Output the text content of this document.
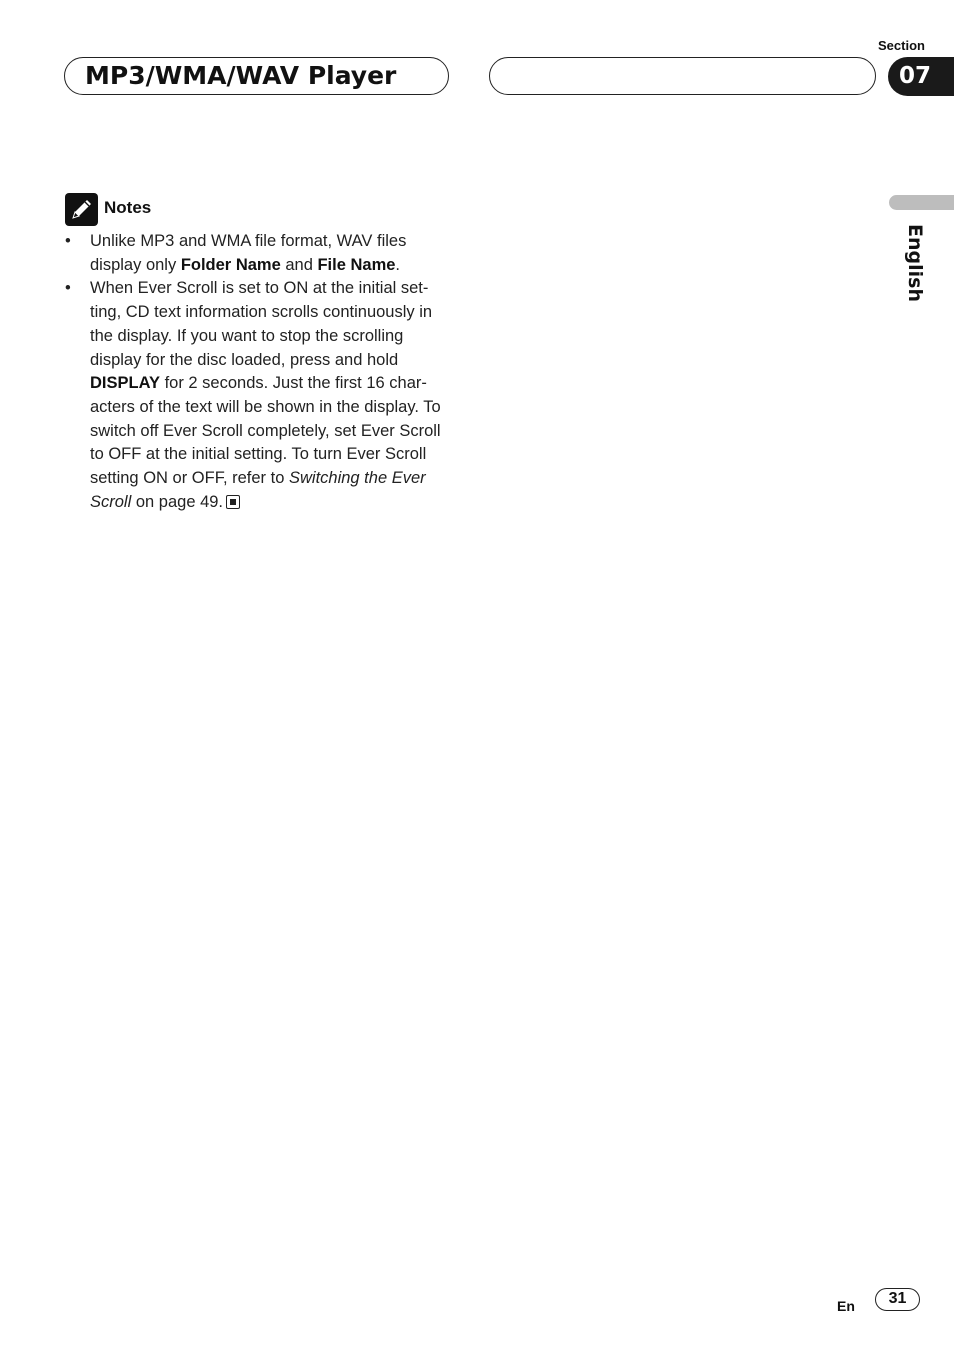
MP3/WMA/WAV Player
Section
07
English
Notes
• Unlike MP3 and WMA file format, WAV files display only Folder Name and File Name.
• When Ever Scroll is set to ON at the initial set-ting, CD text information scrolls continuously in the display. If you want to stop the scrolling display for the disc loaded, press and hold DISPLAY for 2 seconds. Just the first 16 char-acters of the text will be shown in the display. To switch off Ever Scroll completely, set Ever Scroll to OFF at the initial setting. To turn Ever Scroll setting ON or OFF, refer to Switching the Ever Scroll on page 49.
En	31
